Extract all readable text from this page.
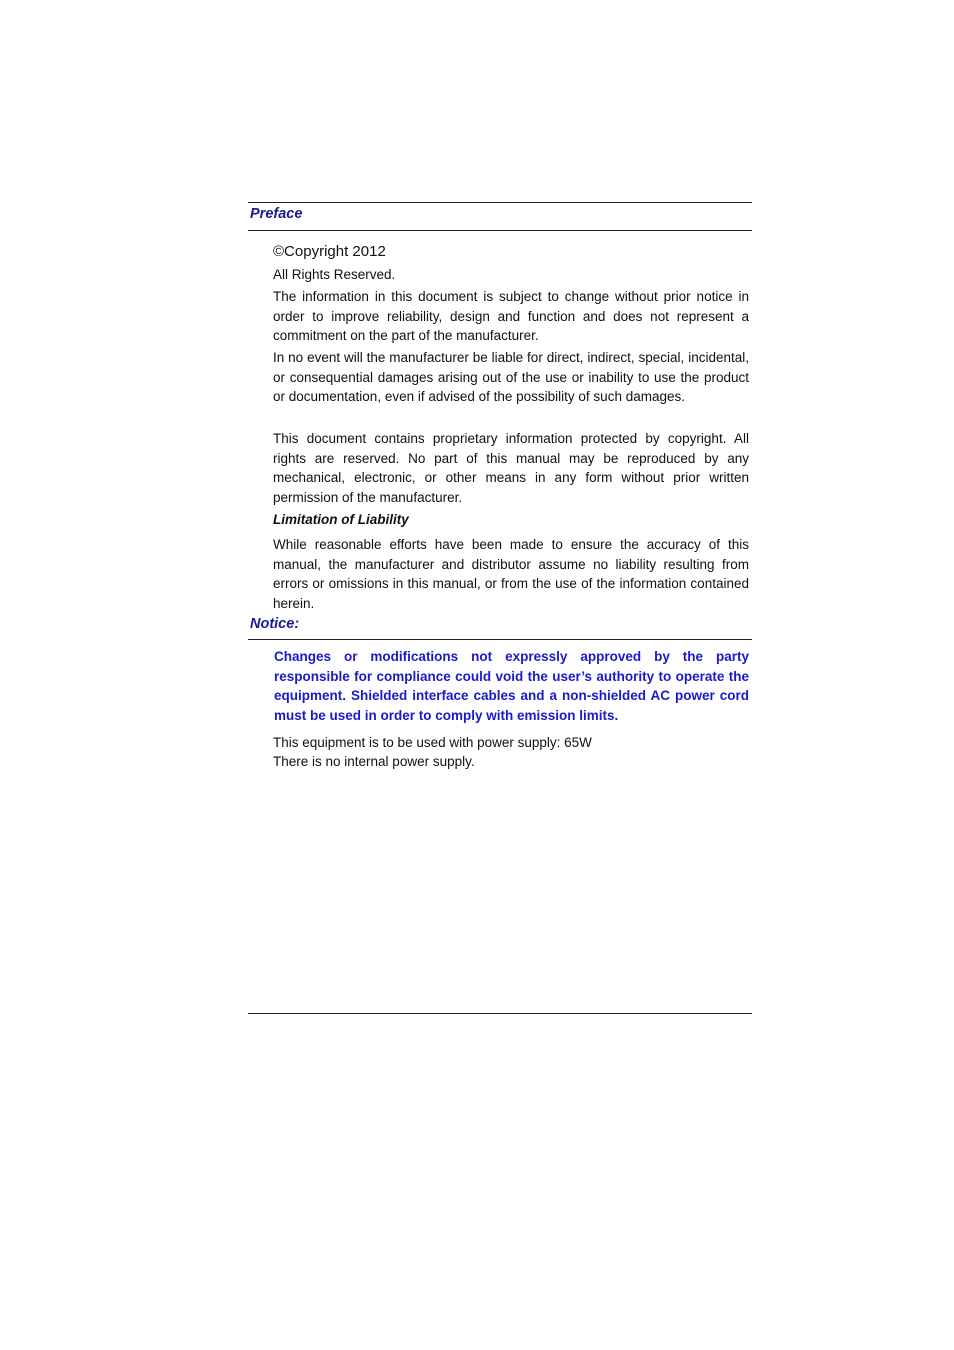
Preface

©Copyright 2012

All Rights Reserved.

The information in this document is subject to change without prior notice in order to improve reliability, design and function and does not represent a commitment on the part of the manufacturer.

In no event will the manufacturer be liable for direct, indirect, special, incidental, or consequential damages arising out of the use or inability to use the product or documentation, even if advised of the possibility of such damages.

This document contains proprietary information protected by copyright. All rights are reserved. No part of this manual may be reproduced by any mechanical, electronic, or other means in any form without prior written permission of the manufacturer.

Limitation of Liability

While reasonable efforts have been made to ensure the accuracy of this manual, the manufacturer and distributor assume no liability resulting from errors or omissions in this manual, or from the use of the information contained herein.

Notice:

Changes or modifications not expressly approved by the party responsible for compliance could void the user’s authority to operate the equipment. Shielded interface cables and a non-shielded AC power cord must be used in order to comply with emission limits.

This equipment is to be used with power supply: 65W

There is no internal power supply.
